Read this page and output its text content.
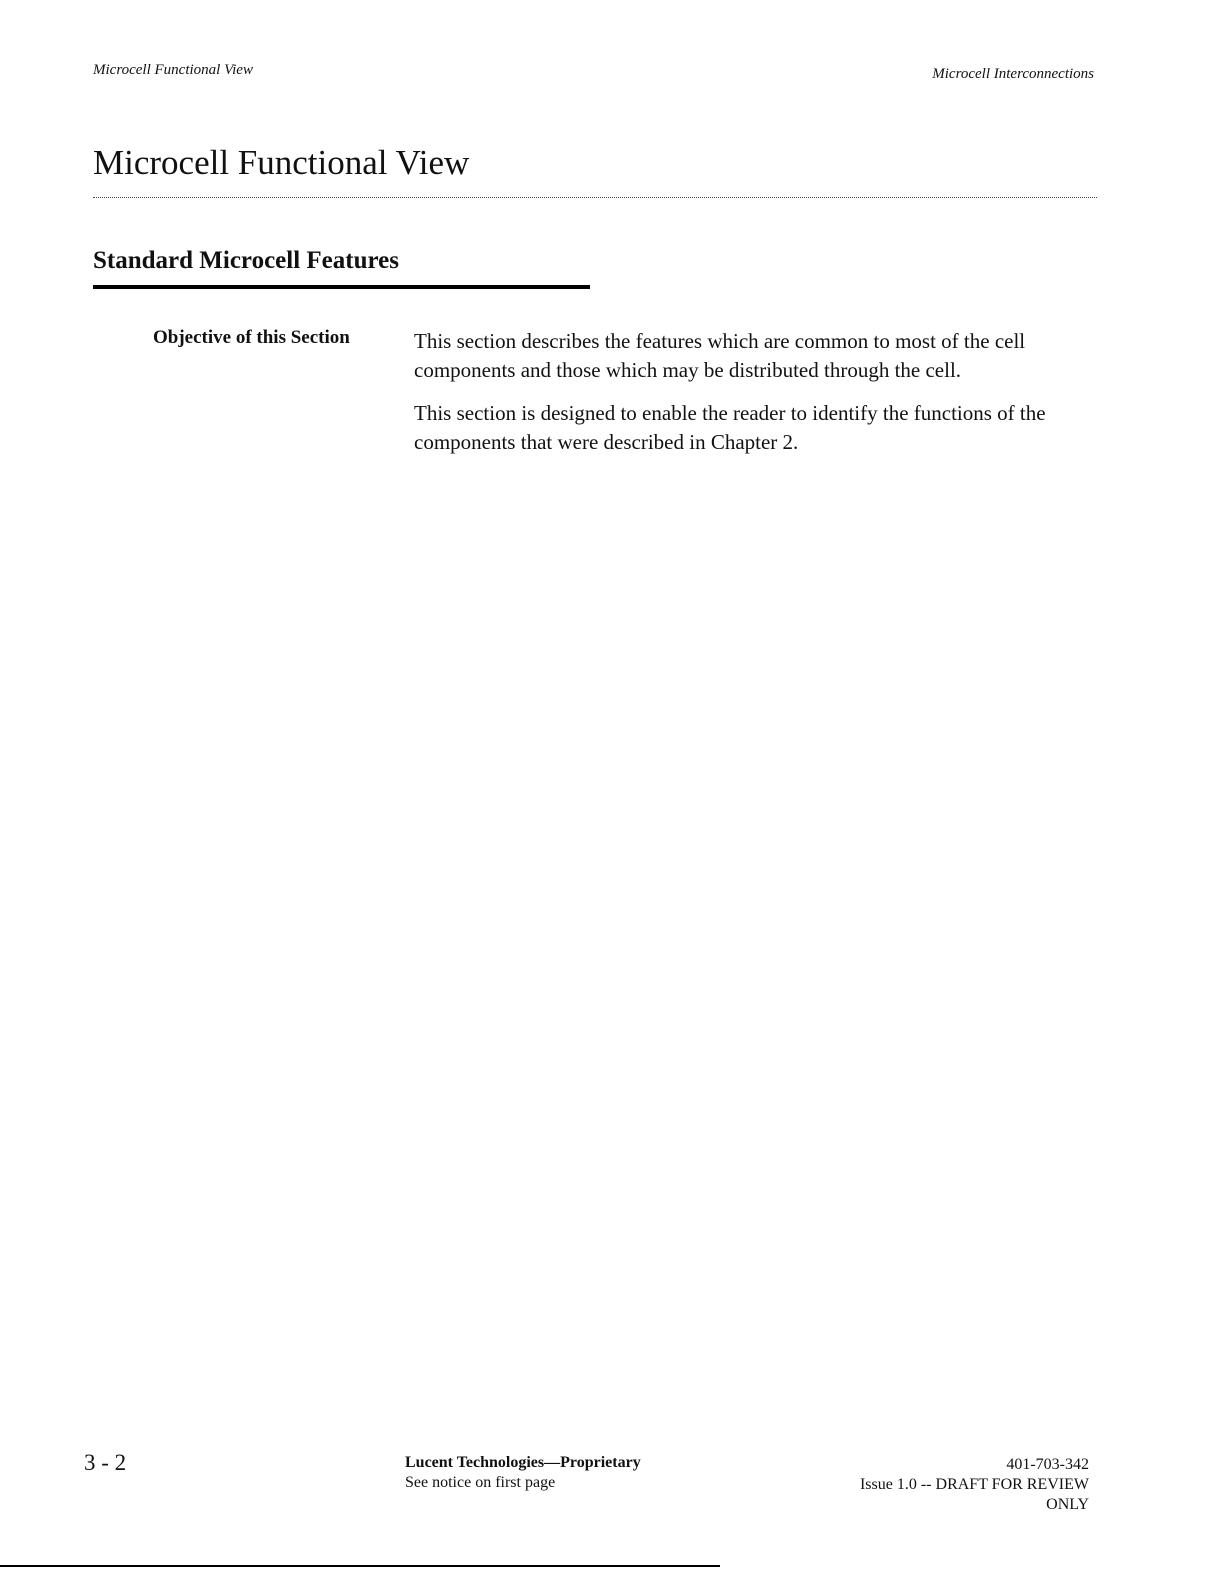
Microcell Functional View	Microcell Interconnections
Microcell Functional View
Standard Microcell Features
Objective of this Section	This section describes the features which are common to most of the cell components and those which may be distributed through the cell.

This section is designed to enable the reader to identify the functions of the components that were described in Chapter 2.

3 - 2	Lucent Technologies—Proprietary
See notice on first page
401-703-342
Issue 1.0 -- DRAFT FOR REVIEW
ONLY
